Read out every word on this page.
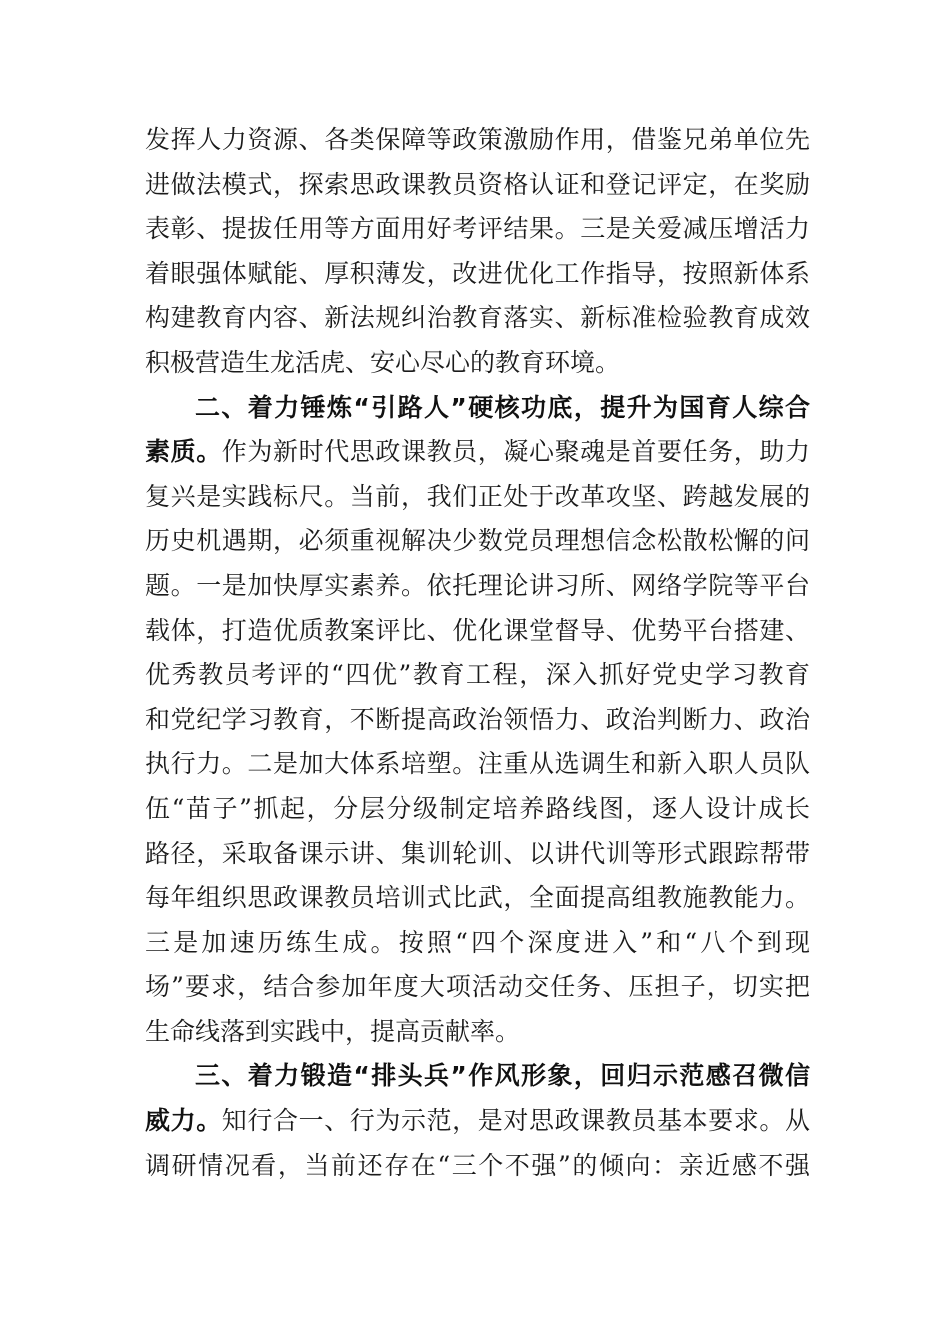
发挥人力资源、各类保障等政策激励作用，借鉴兄弟单位先
进做法模式，探索思政课教员资格认证和登记评定，在奖励
表彰、提拔任用等方面用好考评结果。三是关爱减压增活力
着眼强体赋能、厚积薄发，改进优化工作指导，按照新体系
构建教育内容、新法规纠治教育落实、新标准检验教育成效
积极营造生龙活虎、安心尽心的教育环境。
二、着力锤炼“引路人”硬核功底，提升为国育人综合
素质。作为新时代思政课教员，凝心聚魂是首要任务，助力
复兴是实践标尺。当前，我们正处于改革攻坚、跨越发展的
历史机遇期，必须重视解决少数党员理想信念松散松懈的问
题。一是加快厚实素养。依托理论讲习所、网络学院等平台
载体，打造优质教案评比、优化课堂督导、优势平台搭建、
优秀教员考评的“四优”教育工程，深入抓好党史学习教育
和党纪学习教育，不断提高政治领悟力、政治判断力、政治
执行力。二是加大体系培塑。注重从选调生和新入职人员队
伍“苗子”抓起，分层分级制定培养路线图，逐人设计成长
路径，采取备课示讲、集训轮训、以讲代训等形式跟踪帮带
每年组织思政课教员培训式比武，全面提高组教施教能力。
三是加速历练生成。按照“四个深度进入”和“八个到现
场”要求，结合参加年度大项活动交任务、压担子，切实把
生命线落到实践中，提高贡献率。
三、着力锻造“排头兵”作风形象，回归示范感召微信
威力。知行合一、行为示范，是对思政课教员基本要求。从
调研情况看，当前还存在“三个不强”的倾向：亲近感不强
